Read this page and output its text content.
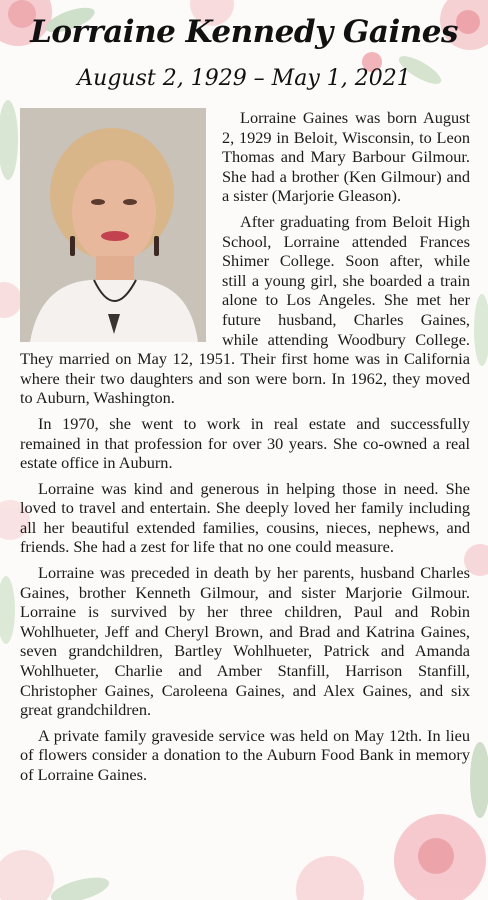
Lorraine Kennedy Gaines
August 2, 1929 – May 1, 2021

Lorraine Gaines was born August 2, 1929 in Beloit, Wisconsin, to Leon Thomas and Mary Barbour Gilmour. She had a brother (Ken Gilmour) and a sister (Marjorie Gleason).

After graduating from Beloit High School, Lorraine attended Frances Shimer College. Soon after, while still a young girl, she boarded a train alone to Los Angeles. She met her future husband, Charles Gaines, while attending Woodbury College. They married on May 12, 1951. Their first home was in California where their two daughters and son were born. In 1962, they moved to Auburn, Washington.

In 1970, she went to work in real estate and successfully remained in that profession for over 30 years. She co-owned a real estate office in Auburn.

Lorraine was kind and generous in helping those in need. She loved to travel and entertain. She deeply loved her family including all her beautiful extended families, cousins, nieces, nephews, and friends. She had a zest for life that no one could measure.

Lorraine was preceded in death by her parents, husband Charles Gaines, brother Kenneth Gilmour, and sister Marjorie Gilmour. Lorraine is survived by her three children, Paul and Robin Wohlhueter, Jeff and Cheryl Brown, and Brad and Katrina Gaines, seven grandchildren, Bartley Wohlhueter, Patrick and Amanda Wohlhueter, Charlie and Amber Stanfill, Harrison Stanfill, Christopher Gaines, Caroleena Gaines, and Alex Gaines, and six great grandchildren.

A private family graveside service was held on May 12th. In lieu of flowers consider a donation to the Auburn Food Bank in memory of Lorraine Gaines.
